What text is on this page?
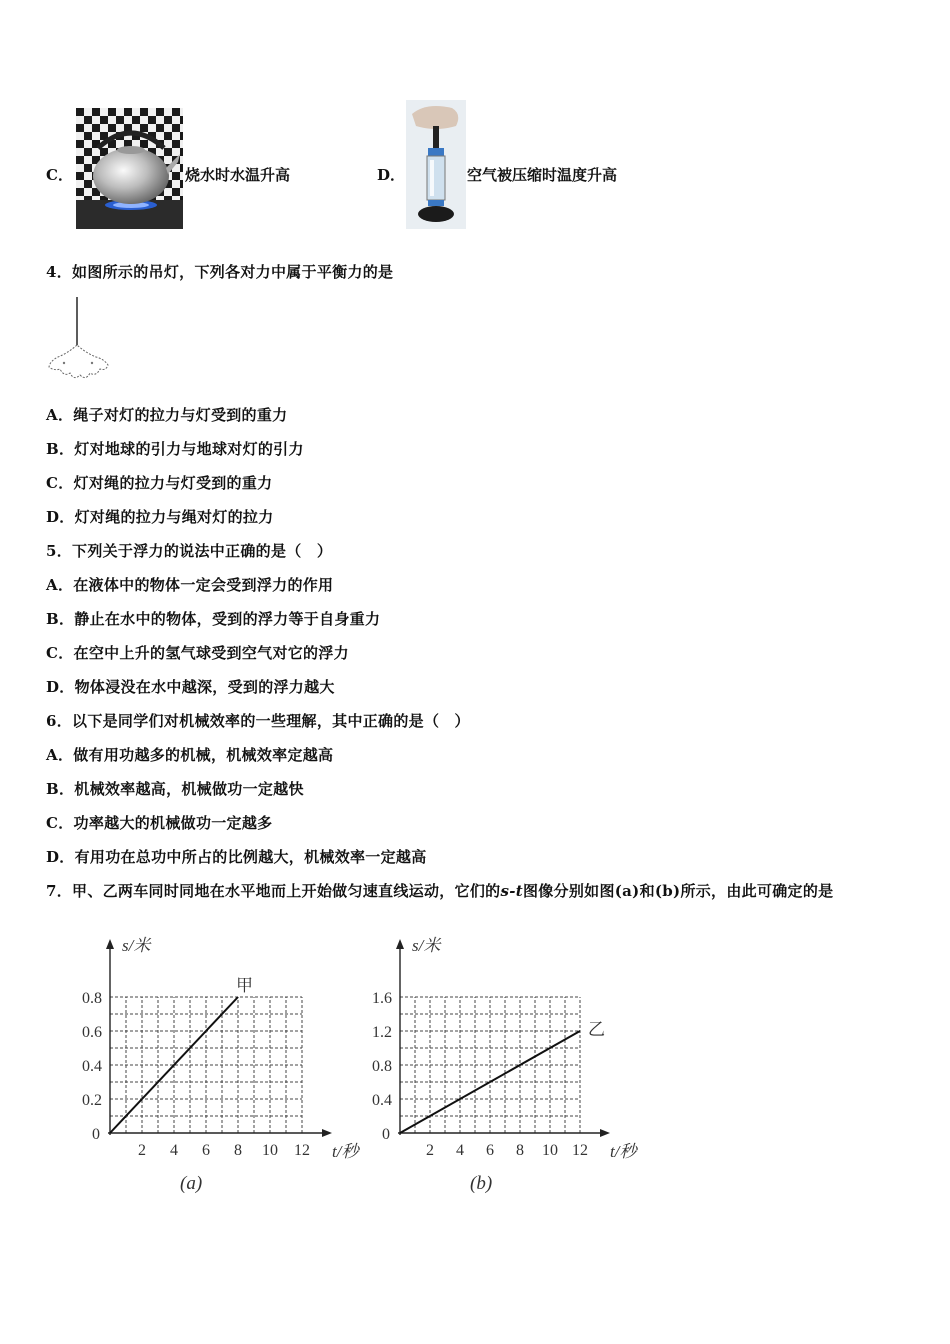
C．	烧水时水温升高	D．	空气被压缩时温度升高
4．如图所示的吊灯，下列各对力中属于平衡力的是
A．绳子对灯的拉力与灯受到的重力
B．灯对地球的引力与地球对灯的引力
C．灯对绳的拉力与灯受到的重力
D．灯对绳的拉力与绳对灯的拉力
5．下列关于浮力的说法中正确的是（　）
A．在液体中的物体一定会受到浮力的作用
B．静止在水中的物体，受到的浮力等于自身重力
C．在空中上升的氢气球受到空气对它的浮力
D．物体浸没在水中越深，受到的浮力越大
6．以下是同学们对机械效率的一些理解，其中正确的是（　）
A．做有用功越多的机械，机械效率定越高
B．机械效率越高，机械做功一定越快
C．功率越大的机械做功一定越多
D．有用功在总功中所占的比例越大，机械效率一定越高
7．甲、乙两车同时同地在水平地而上开始做匀速直线运动，它们的s-t图像分别如图(a)和(b)所示，由此可确定的是
s/米
t/秒
0
2 4 6 8 10 12
0.2
0.4
0.6
0.8
甲
(a)
s/米
t/秒
0
2 4 6 8 10 12
0.4
0.8
1.2
1.6
乙
(b)
